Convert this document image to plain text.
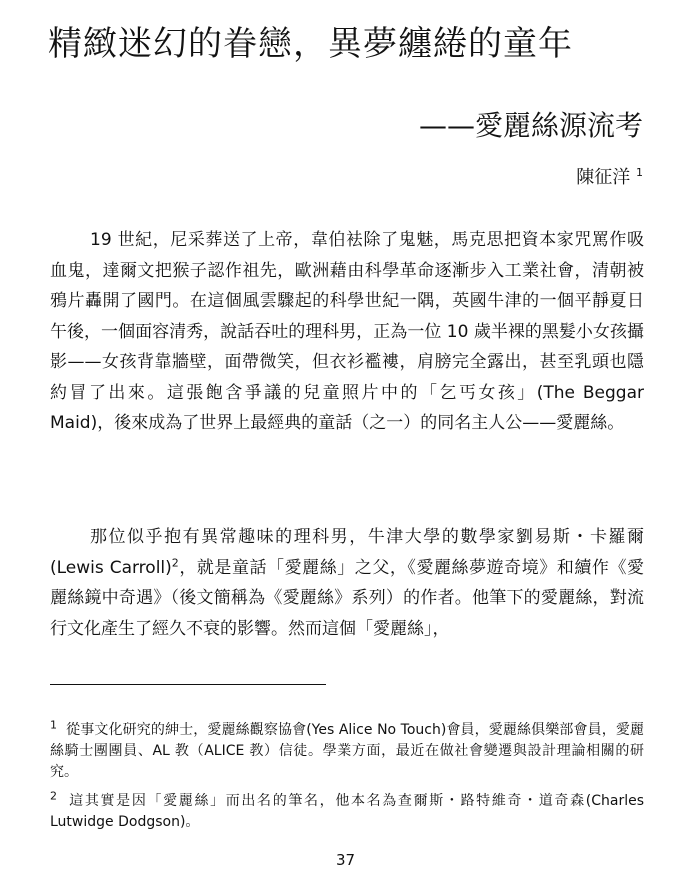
精緻迷幻的眷戀，異夢纏綣的童年
——愛麗絲源流考
陳征洋 $^1$

19 世紀，尼采葬送了上帝，韋伯袪除了鬼魅，馬克思把資本家咒罵作吸血鬼，達爾文把猴子認作祖先，歐洲藉由科學革命逐漸步入工業社會，清朝被鴉片轟開了國門。在這個風雲驟起的科學世紀一隅，英國牛津的一個平靜夏日午後，一個面容清秀，說話吞吐的理科男，正為一位 10 歲半裸的黑髮小女孩攝影——女孩背靠牆壁，面帶微笑，但衣衫襤褸，肩膀完全露出，甚至乳頭也隱約冒了出來。這張飽含爭議的兒童照片中的「乞丐女孩」(The Beggar Maid)，後來成為了世界上最經典的童話（之一）的同名主人公——愛麗絲。

那位似乎抱有異常趣味的理科男，牛津大學的數學家劉易斯・卡羅爾(Lewis Carroll)$^2$，就是童話「愛麗絲」之父，《愛麗絲夢遊奇境》和續作《愛麗絲鏡中奇遇》（後文簡稱為《愛麗絲》系列）的作者。他筆下的愛麗絲，對流行文化產生了經久不衰的影響。然而這個「愛麗絲」，

$^1$ 從事文化研究的紳士，愛麗絲觀察協會(Yes Alice No Touch)會員，愛麗絲俱樂部會員，愛麗絲騎士團團員、AL 教（ALICE 教）信徒。學業方面，最近在做社會變遷與設計理論相關的研究。

$^2$ 這其實是因「愛麗絲」而出名的筆名，他本名為查爾斯・路特維奇・道奇森(Charles Lutwidge Dodgson)。

37
